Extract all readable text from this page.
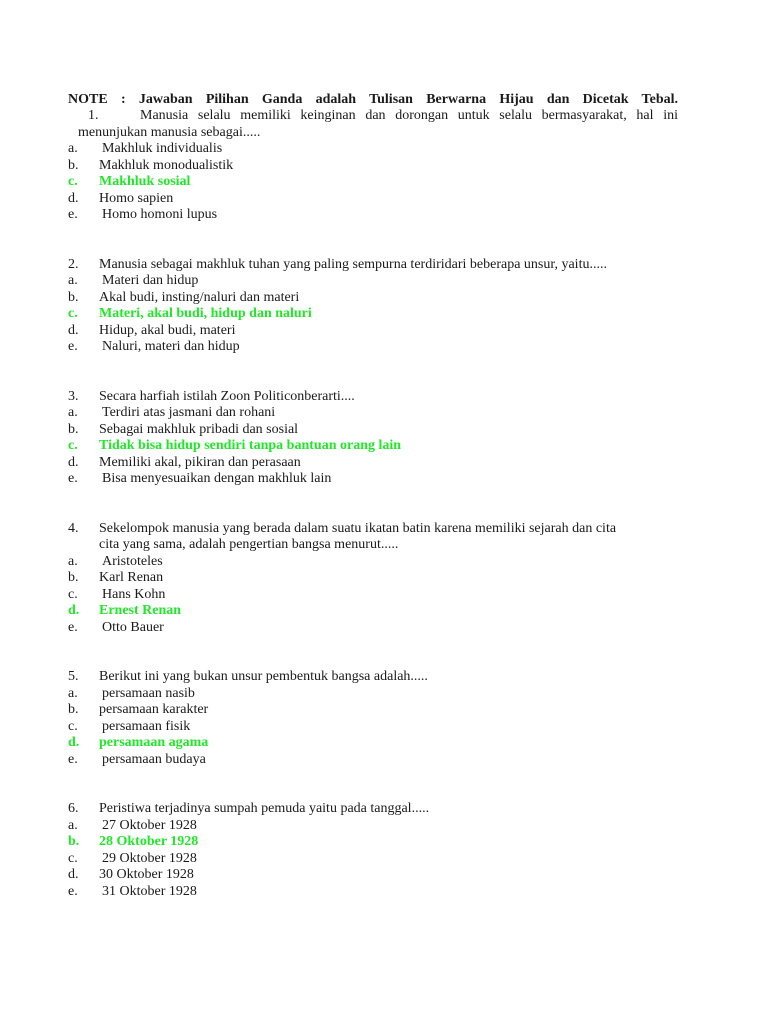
NOTE : Jawaban Pilihan Ganda adalah Tulisan Berwarna Hijau dan Dicetak Tebal.
1.	Manusia selalu memiliki keinginan dan dorongan untuk selalu bermasyarakat, hal ini menunjukan manusia sebagai.....
a.	Makhluk individualis
b.	Makhluk monodualistik
c.	Makhluk sosial
d.	Homo sapien
e.	Homo homoni lupus
2.	Manusia sebagai makhluk tuhan yang paling sempurna terdiridari beberapa unsur, yaitu.....
a.	Materi dan hidup
b.	Akal budi, insting/naluri dan materi
c.	Materi, akal budi, hidup dan naluri
d.	Hidup, akal budi, materi
e.	Naluri, materi dan hidup
3.	Secara harfiah istilah Zoon Politiconberarti....
a.	Terdiri atas jasmani dan rohani
b.	Sebagai makhluk pribadi dan sosial
c.	Tidak bisa hidup sendiri tanpa bantuan orang lain
d.	Memiliki akal, pikiran dan perasaan
e.	Bisa menyesuaikan dengan makhluk lain
4.	Sekelompok manusia yang berada dalam suatu ikatan batin karena memiliki sejarah dan cita cita yang sama, adalah pengertian bangsa menurut.....
a.	Aristoteles
b.	Karl Renan
c.	Hans Kohn
d.	Ernest Renan
e.	Otto Bauer
5.	Berikut ini yang bukan unsur pembentuk bangsa adalah.....
a.	persamaan nasib
b.	persamaan karakter
c.	persamaan fisik
d.	persamaan agama
e.	persamaan budaya
6.	Peristiwa terjadinya sumpah pemuda yaitu pada tanggal.....
a.	27 Oktober 1928
b.	28 Oktober 1928
c.	29 Oktober 1928
d.	30 Oktober 1928
e.	31 Oktober 1928
